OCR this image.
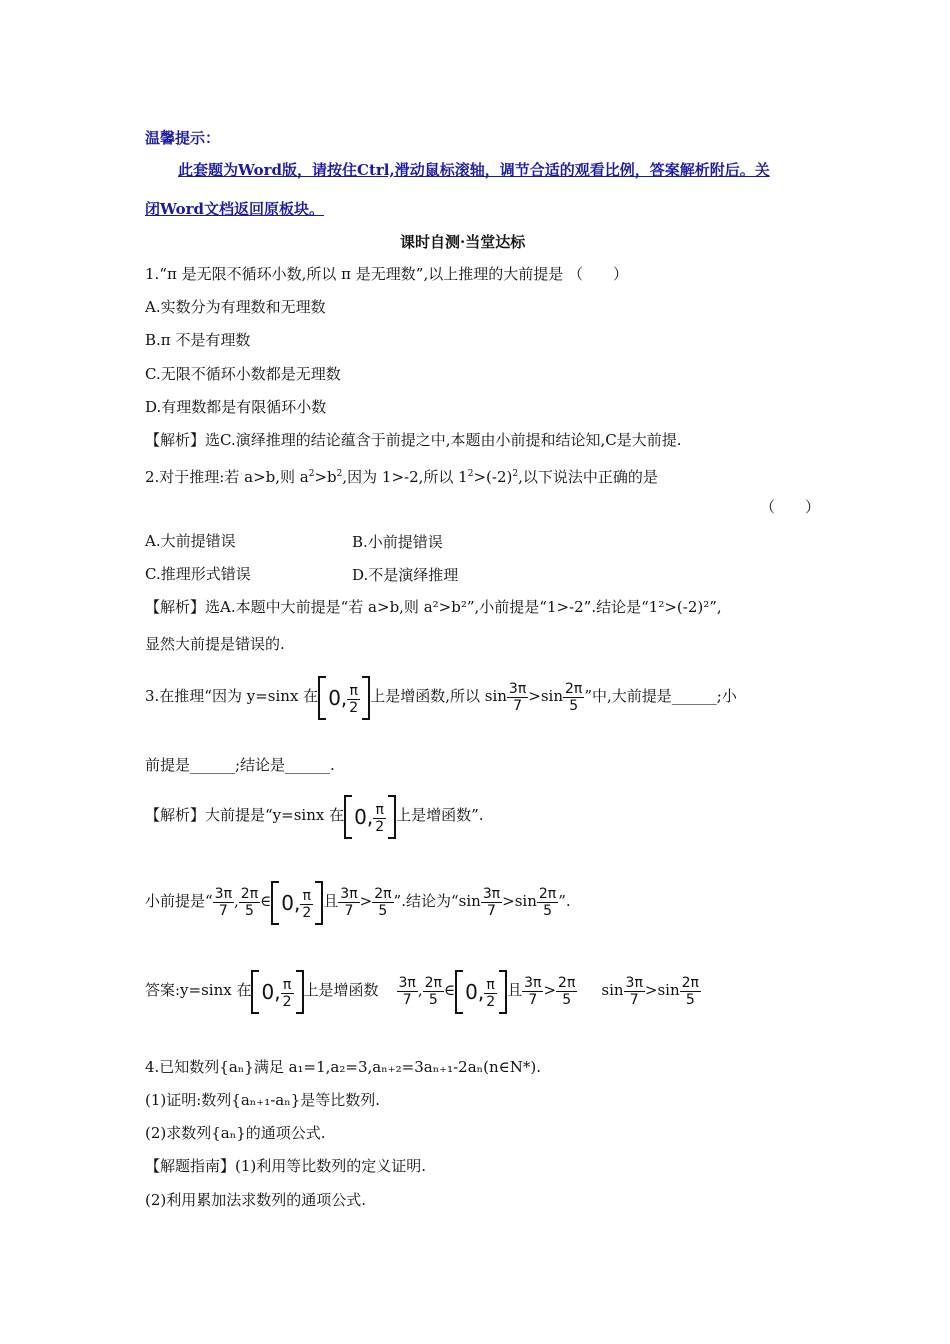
温馨提示：
此套题为Word版，请按住Ctrl,滑动鼠标滚轴，调节合适的观看比例，答案解析附后。关
闭Word文档返回原板块。
课时自测·当堂达标
1.“π 是无限不循环小数,所以 π 是无理数”,以上推理的大前提是 （　　）
A.实数分为有理数和无理数
B.π 不是有理数
C.无限不循环小数都是无理数
D.有理数都是有限循环小数
【解析】选C.演绎推理的结论蕴含于前提之中,本题由小前提和结论知,C是大前提.
2.对于推理:若 a>b,则 $a^2>b^2$,因为 1>-2,所以 $1^2>(-2)^2$,以下说法中正确的是
（　　）
A.大前提错误	B.小前提错误
C.推理形式错误	D.不是演绎推理
【解析】选A.本题中大前提是“若 a>b,则 a²>b²”,小前提是“1>-2”.结论是“1²>(-2)²”,
显然大前提是错误的.
3.在推理“因为 y=sinx 在 0, $\frac{\pi}{2}$ 上是增函数,所以 $\sin \frac{3\pi}{7} >\sin \frac{2\pi}{5}$ ”中,大前提是______;小
前提是______;结论是______.
【解析】大前提是“y=sinx 在 0, $\frac{\pi}{2}$ 上是增函数”.
小前提是“ $\frac{3\pi}{7}$ , $\frac{2\pi}{5}$ ∈ 0, $\frac{\pi}{2}$ 且 $\frac{3\pi}{7} > \frac{2\pi}{5}$ ”.结论为“$\sin \frac{3\pi}{7} >\sin \frac{2\pi}{5}$ ”.
答案:y=sinx 在 0, $\frac{\pi}{2}$ 上是增函数 $\frac{3\pi}{7}$ , $\frac{2\pi}{5}$ ∈ 0, $\frac{\pi}{2}$ 且 $\frac{3\pi}{7} > \frac{2\pi}{5}$ $\sin \frac{3\pi}{7} >\sin \frac{2\pi}{5}$
4.已知数列{aₙ}满足 a₁=1,a₂=3,aₙ₊₂=3aₙ₊₁-2aₙ(n∈N*).
(1)证明:数列{aₙ₊₁-aₙ}是等比数列.
(2)求数列{aₙ}的通项公式.
【解题指南】(1)利用等比数列的定义证明.
(2)利用累加法求数列的通项公式.
